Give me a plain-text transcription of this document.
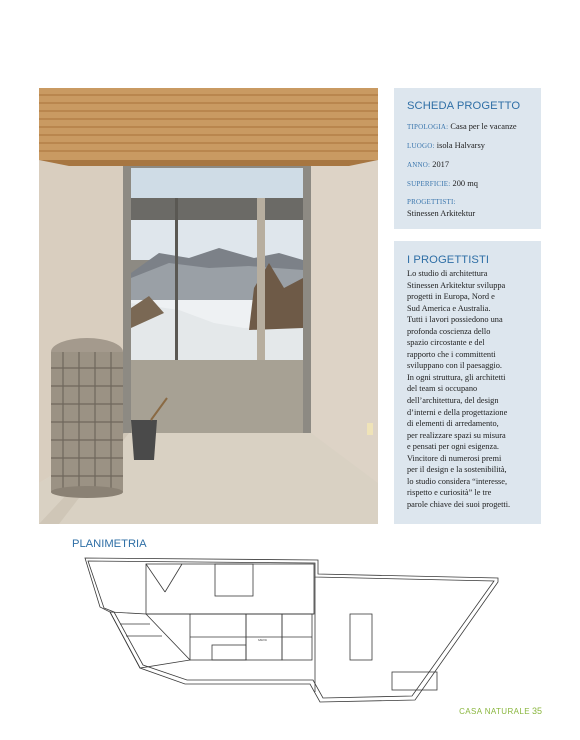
SCHEDA PROGETTO
TIPOLOGIA: Casa per le vacanze
LUOGO: isola Halvarsy
ANNO: 2017
SUPERFICIE: 200 mq
PROGETTISTI:
Stinessen Arkitektur
I PROGETTISTI
Lo studio di architettura
Stinessen Arkitektur sviluppa
progetti in Europa, Nord e
Sud America e Australia.
Tutti i lavori possiedono una
profonda coscienza dello
spazio circostante e del
rapporto che i committenti
sviluppano con il paesaggio.
In ogni struttura, gli architetti
del team si occupano
dell’architettura, del design
d’interni e della progettazione
di elementi di arredamento,
per realizzare spazi su misura
e pensati per ogni esigenza.
Vincitore di numerosi premi
per il design e la sostenibilità,
lo studio considera “interesse,
rispetto e curiosità” le tre
parole chiave dei suoi progetti.
PLANIMETRIA
sauna
CASA NATURALE 35
